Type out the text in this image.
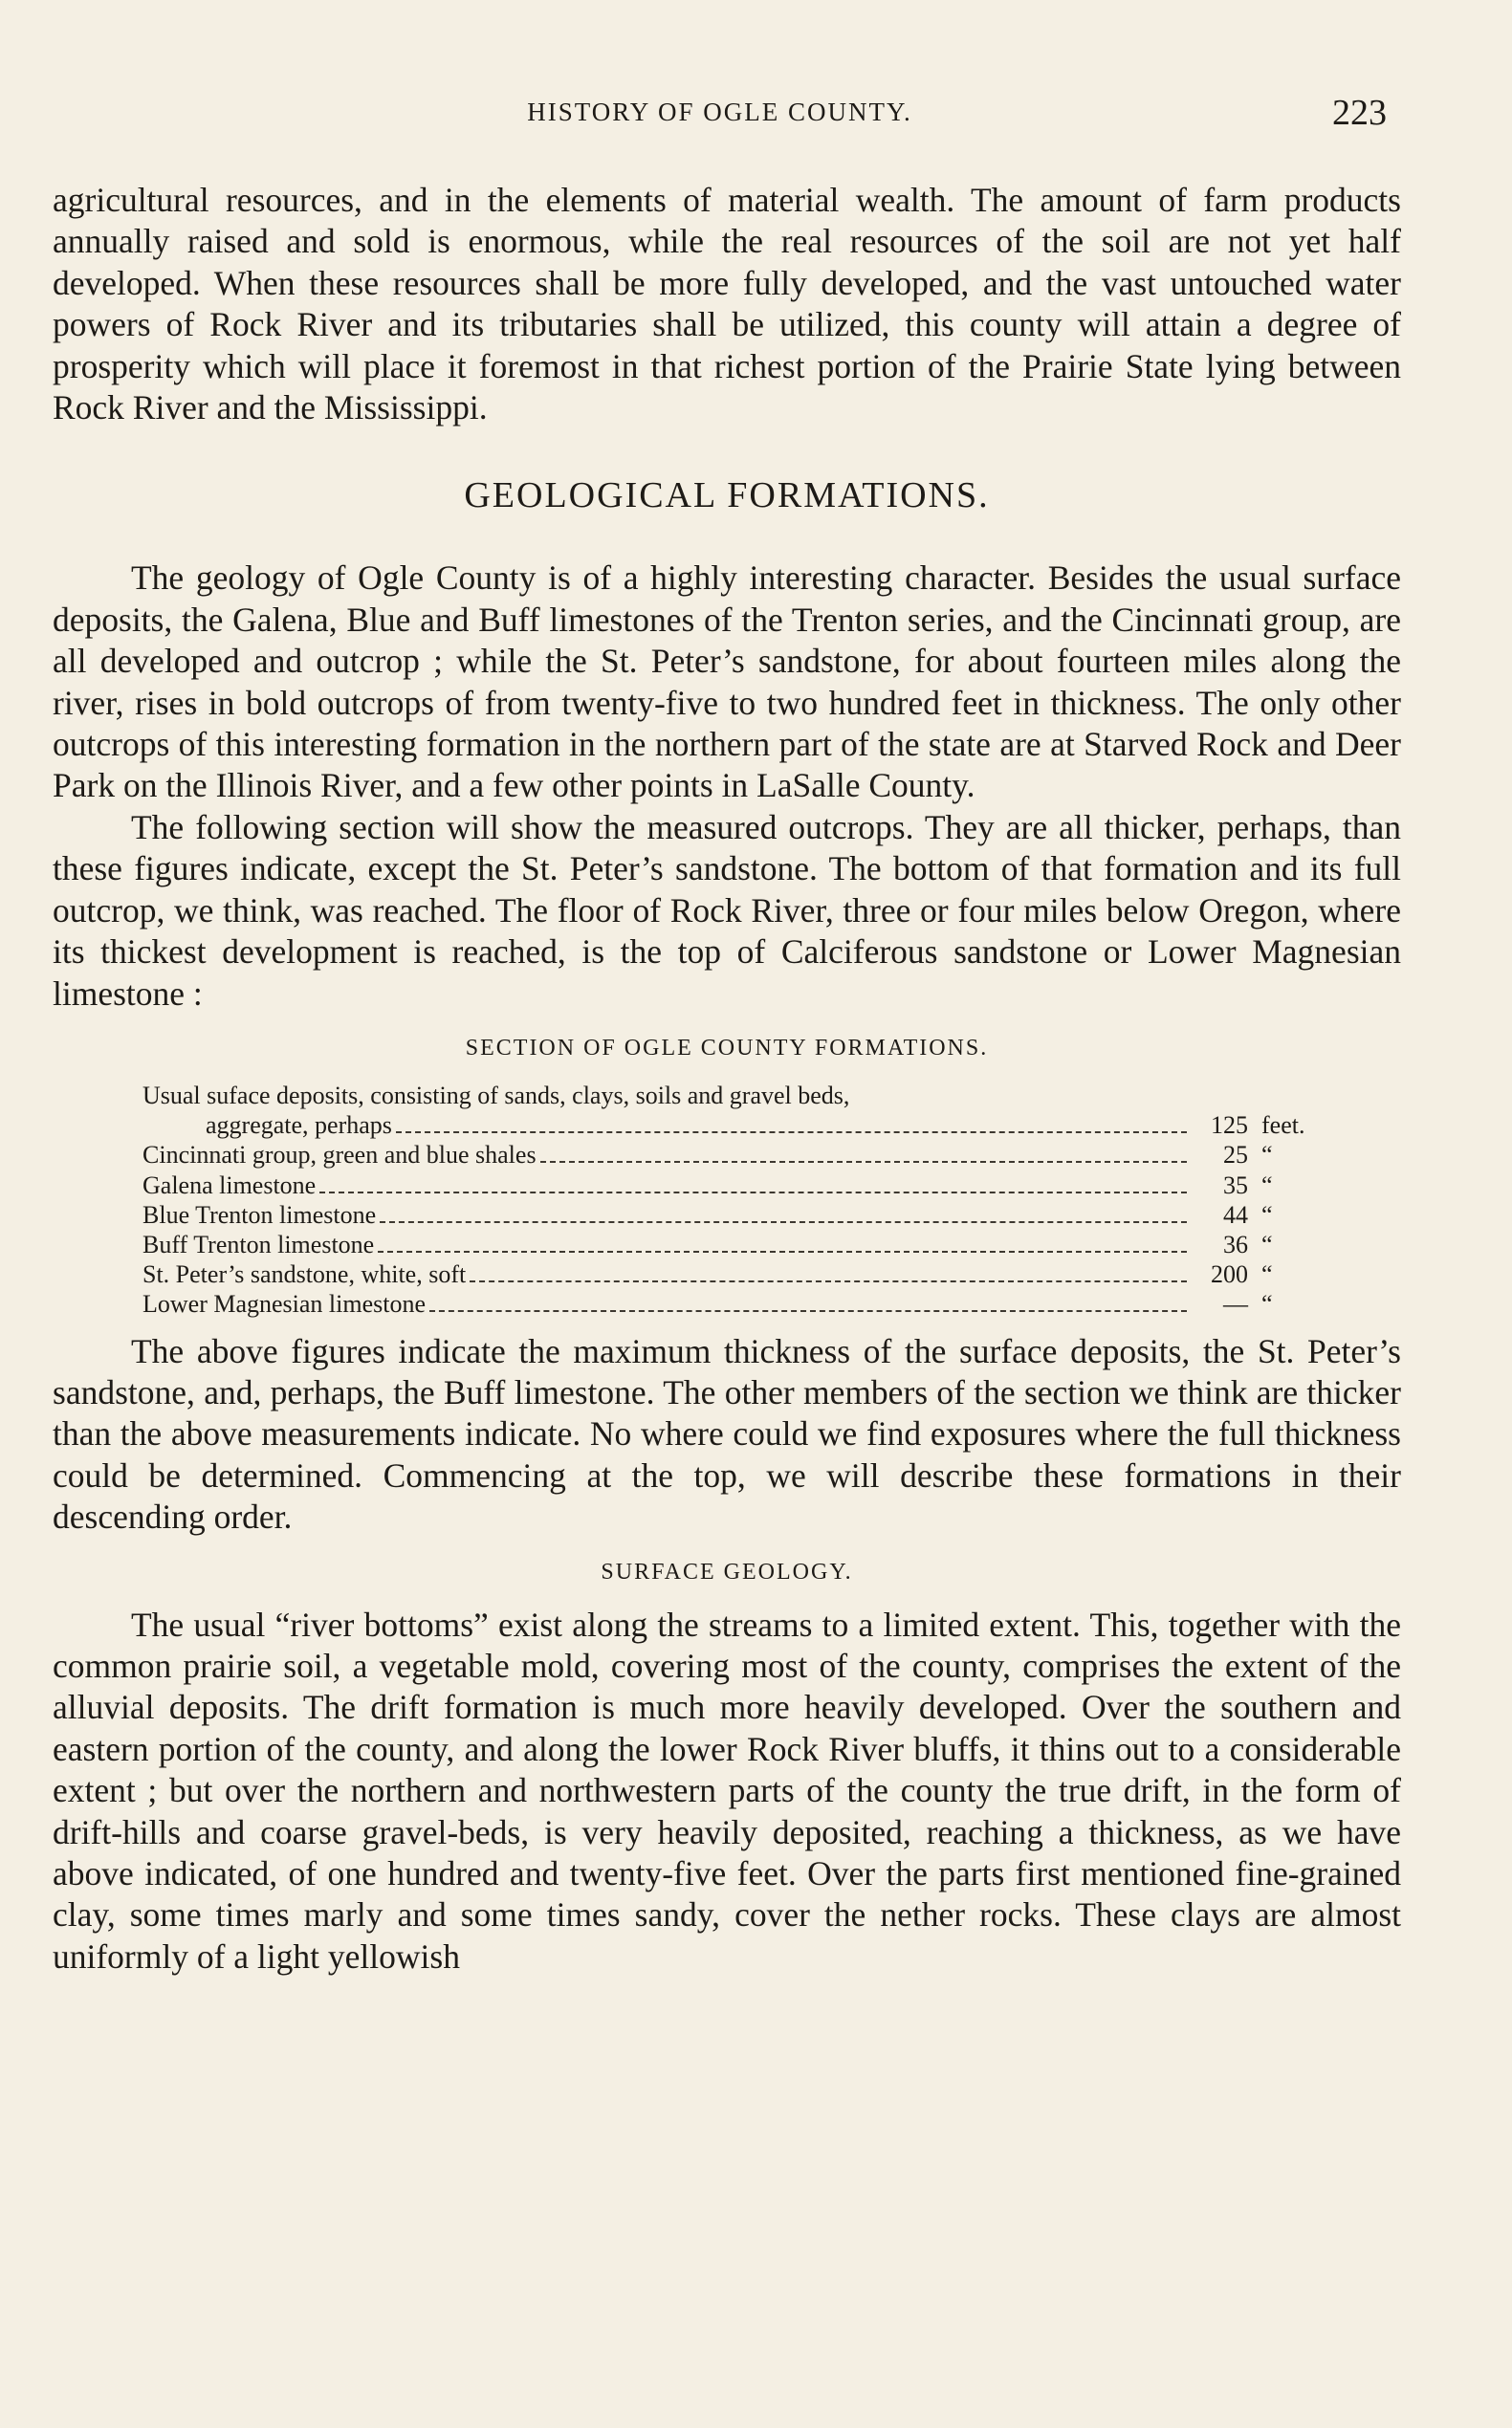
HISTORY OF OGLE COUNTY.	223

agricultural resources, and in the elements of material wealth. The amount of farm products annually raised and sold is enormous, while the real resources of the soil are not yet half developed. When these resources shall be more fully developed, and the vast untouched water powers of Rock River and its tributaries shall be utilized, this county will attain a degree of prosperity which will place it foremost in that richest portion of the Prairie State lying between Rock River and the Mississippi.

GEOLOGICAL FORMATIONS.

The geology of Ogle County is of a highly interesting character. Besides the usual surface deposits, the Galena, Blue and Buff limestones of the Trenton series, and the Cincinnati group, are all developed and outcrop ; while the St. Peter’s sandstone, for about fourteen miles along the river, rises in bold outcrops of from twenty-five to two hundred feet in thickness. The only other outcrops of this interesting formation in the northern part of the state are at Starved Rock and Deer Park on the Illinois River, and a few other points in LaSalle County.

The following section will show the measured outcrops. They are all thicker, perhaps, than these figures indicate, except the St. Peter’s sandstone. The bottom of that formation and its full outcrop, we think, was reached. The floor of Rock River, three or four miles below Oregon, where its thickest development is reached, is the top of Calciferous sandstone or Lower Magnesian limestone :

SECTION OF OGLE COUNTY FORMATIONS.
Usual suface deposits, consisting of sands, clays, soils and gravel beds,
aggregate, perhaps	125 feet.
Cincinnati group, green and blue shales	25 “
Galena limestone	35 “
Blue Trenton limestone	44 “
Buff Trenton limestone	36 “
St. Peter’s sandstone, white, soft	200 “
Lower Magnesian limestone	— “

The above figures indicate the maximum thickness of the surface deposits, the St. Peter’s sandstone, and, perhaps, the Buff limestone. The other members of the section we think are thicker than the above measurements indicate. No where could we find exposures where the full thickness could be determined. Commencing at the top, we will describe these formations in their descending order.

SURFACE GEOLOGY.

The usual “river bottoms” exist along the streams to a limited extent. This, together with the common prairie soil, a vegetable mold, covering most of the county, comprises the extent of the alluvial deposits. The drift formation is much more heavily developed. Over the southern and eastern portion of the county, and along the lower Rock River bluffs, it thins out to a considerable extent ; but over the northern and northwestern parts of the county the true drift, in the form of drift-hills and coarse gravel-beds, is very heavily deposited, reaching a thickness, as we have above indicated, of one hundred and twenty-five feet. Over the parts first mentioned fine-grained clay, some times marly and some times sandy, cover the nether rocks. These clays are almost uniformly of a light yellowish
